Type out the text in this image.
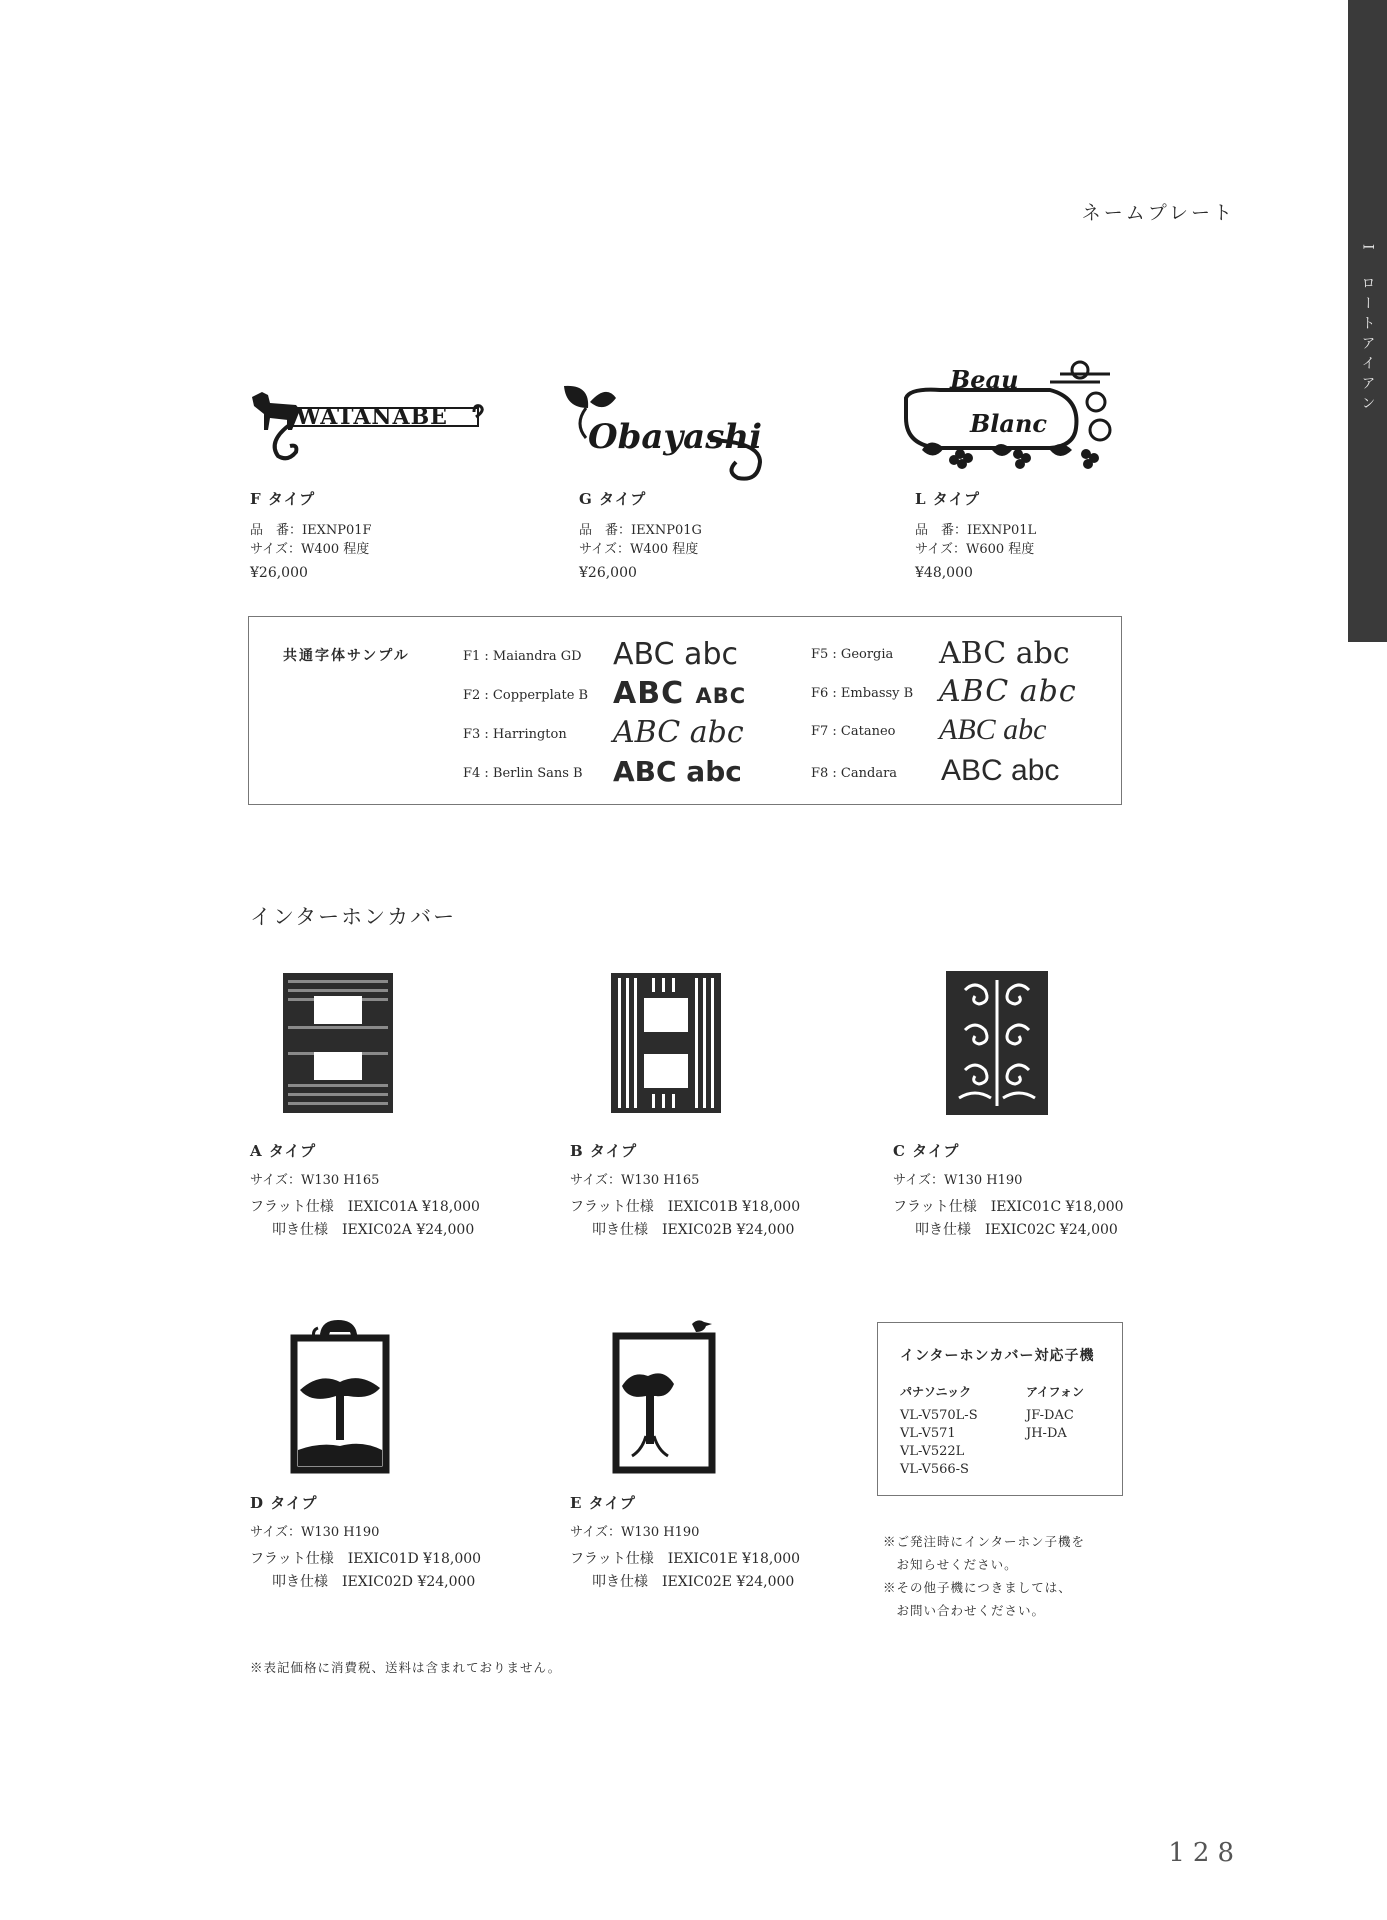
I　ロートアイアン
ネームプレート
WATANABE
F タイプ
品　番：IEXNP01F
サイズ：W400 程度
¥26,000
Obayashi
G タイプ
品　番：IEXNP01G
サイズ：W400 程度
¥26,000
Beau
Blanc
L タイプ
品　番：IEXNP01L
サイズ：W600 程度
¥48,000
共通字体サンプル	F1 : Maiandra GD ABC abc
F2 : Copperplate B ABC abc
F3 : Harrington ABC abc
F4 : Berlin Sans B ABC abc
F5 : Georgia ABC abc
F6 : Embassy B ABC abc
F7 : Cataneo ABC abc
F8 : Candara ABC abc
インターホンカバー
A タイプ
サイズ：W130 H165
フラット仕様　IEXIC01A ¥18,000
叩き仕様　IEXIC02A ¥24,000
B タイプ
サイズ：W130 H165
フラット仕様　IEXIC01B ¥18,000
叩き仕様　IEXIC02B ¥24,000
C タイプ
サイズ：W130 H190
フラット仕様　IEXIC01C ¥18,000
叩き仕様　IEXIC02C ¥24,000
D タイプ
サイズ：W130 H190
フラット仕様　IEXIC01D ¥18,000
叩き仕様　IEXIC02D ¥24,000
E タイプ
サイズ：W130 H190
フラット仕様　IEXIC01E ¥18,000
叩き仕様　IEXIC02E ¥24,000
インターホンカバー対応子機
パナソニック
VL-V570L-S
VL-V571
VL-V522L
VL-V566-S
アイフォン
JF-DAC
JH-DA
※ご発注時にインターホン子機を
　お知らせください。
※その他子機につきましては、
　お問い合わせください。
※表記価格に消費税、送料は含まれておりません。
128
